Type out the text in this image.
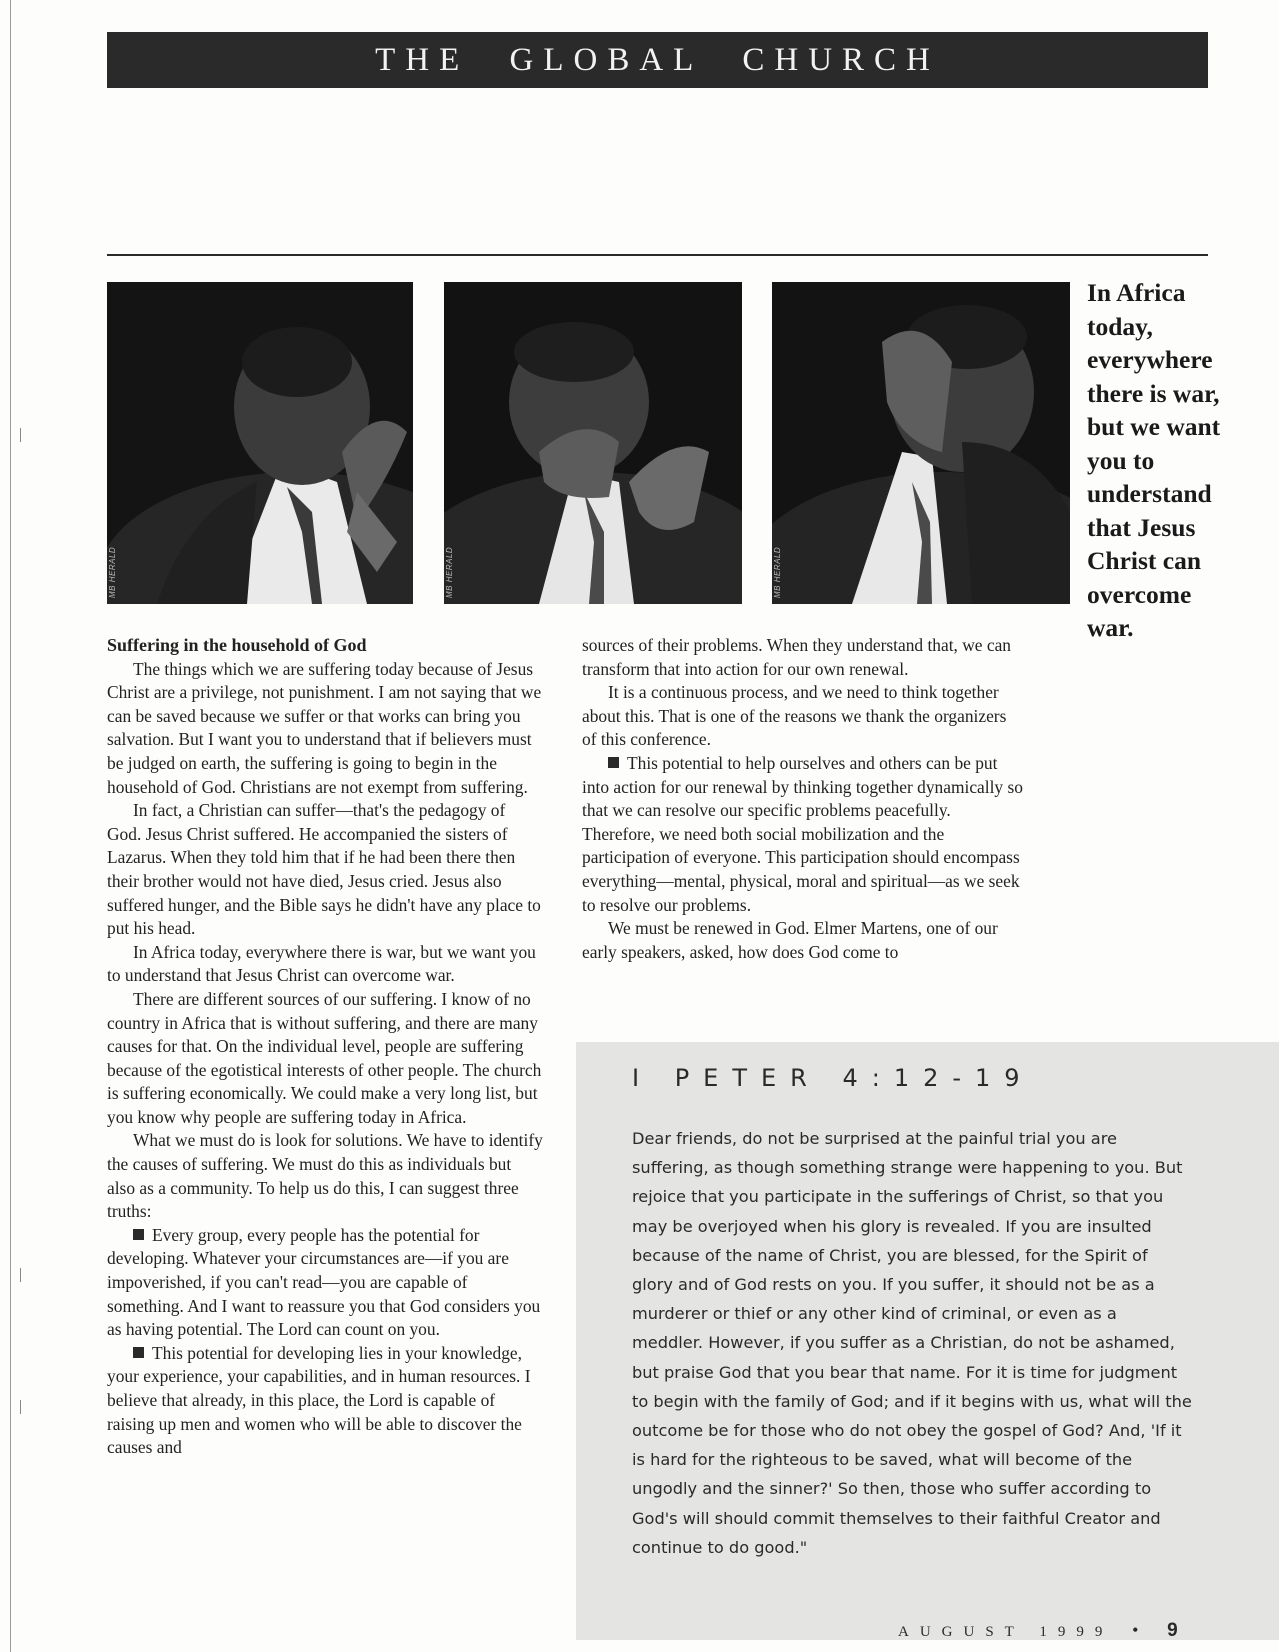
THE GLOBAL CHURCH
MB HERALD	MB HERALD	MB HERALD
In Africa today, everywhere there is war, but we want you to understand that Jesus Christ can overcome war.

Suffering in the household of God

The things which we are suffering today because of Jesus Christ are a privilege, not punishment. I am not saying that we can be saved because we suffer or that works can bring you salvation. But I want you to understand that if believers must be judged on earth, the suffering is going to begin in the household of God. Christians are not exempt from suffering.

In fact, a Christian can suffer—that's the pedagogy of God. Jesus Christ suffered. He accompanied the sisters of Lazarus. When they told him that if he had been there then their brother would not have died, Jesus cried. Jesus also suffered hunger, and the Bible says he didn't have any place to put his head.

In Africa today, everywhere there is war, but we want you to understand that Jesus Christ can overcome war.

There are different sources of our suffering. I know of no country in Africa that is without suffering, and there are many causes for that. On the individual level, people are suffering because of the egotistical interests of other people. The church is suffering economically. We could make a very long list, but you know why people are suffering today in Africa.

What we must do is look for solutions. We have to identify the causes of suffering. We must do this as individuals but also as a community. To help us do this, I can suggest three truths:

Every group, every people has the potential for developing. Whatever your circumstances are—if you are impoverished, if you can't read—you are capable of something. And I want to reassure you that God considers you as having potential. The Lord can count on you.

This potential for developing lies in your knowledge, your experience, your capabilities, and in human resources. I believe that already, in this place, the Lord is capable of raising up men and women who will be able to discover the causes and

sources of their problems. When they understand that, we can transform that into action for our own renewal.

It is a continuous process, and we need to think together about this. That is one of the reasons we thank the organizers of this conference.

This potential to help ourselves and others can be put into action for our renewal by thinking together dynamically so that we can resolve our specific problems peacefully. Therefore, we need both social mobilization and the participation of everyone. This participation should encompass everything—mental, physical, moral and spiritual—as we seek to resolve our problems.

We must be renewed in God. Elmer Martens, one of our early speakers, asked, how does God come to

I PETER 4:12-19
Dear friends, do not be surprised at the painful trial you are suffering, as though something strange were happening to you. But rejoice that you participate in the sufferings of Christ, so that you may be overjoyed when his glory is revealed. If you are insulted because of the name of Christ, you are blessed, for the Spirit of glory and of God rests on you. If you suffer, it should not be as a murderer or thief or any other kind of criminal, or even as a meddler. However, if you suffer as a Christian, do not be ashamed, but praise God that you bear that name. For it is time for judgment to begin with the family of God; and if it begins with us, what will the outcome be for those who do not obey the gospel of God? And, 'If it is hard for the righteous to be saved, what will become of the ungodly and the sinner?' So then, those who suffer according to God's will should commit themselves to their faithful Creator and continue to do good."
AUGUST 1999 • 9
